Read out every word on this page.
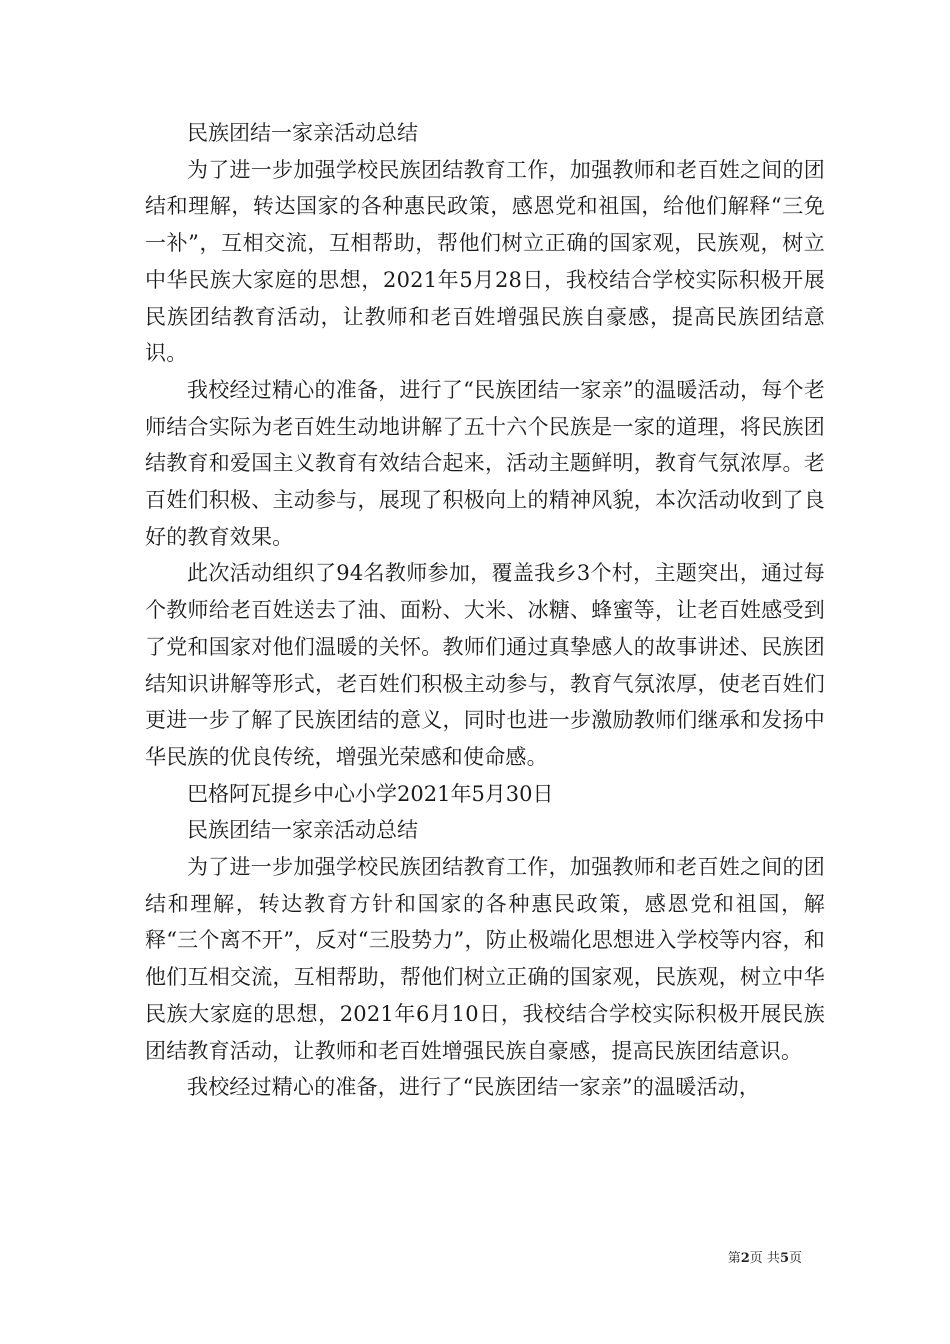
民族团结一家亲活动总结

为了进一步加强学校民族团结教育工作，加强教师和老百姓之间的团结和理解，转达国家的各种惠民政策，感恩党和祖国，给他们解释“三免一补”，互相交流，互相帮助，帮他们树立正确的国家观，民族观，树立中华民族大家庭的思想，2021年5月28日，我校结合学校实际积极开展民族团结教育活动，让教师和老百姓增强民族自豪感，提高民族团结意识。

我校经过精心的准备，进行了“民族团结一家亲”的温暖活动，每个老师结合实际为老百姓生动地讲解了五十六个民族是一家的道理，将民族团结教育和爱国主义教育有效结合起来，活动主题鲜明，教育气氛浓厚。老百姓们积极、主动参与，展现了积极向上的精神风貌，本次活动收到了良好的教育效果。

此次活动组织了94名教师参加，覆盖我乡3个村，主题突出，通过每个教师给老百姓送去了油、面粉、大米、冰糖、蜂蜜等，让老百姓感受到了党和国家对他们温暖的关怀。教师们通过真挚感人的故事讲述、民族团结知识讲解等形式，老百姓们积极主动参与，教育气氛浓厚，使老百姓们更进一步了解了民族团结的意义，同时也进一步激励教师们继承和发扬中华民族的优良传统，增强光荣感和使命感。

巴格阿瓦提乡中心小学2021年5月30日

民族团结一家亲活动总结

为了进一步加强学校民族团结教育工作，加强教师和老百姓之间的团结和理解，转达教育方针和国家的各种惠民政策，感恩党和祖国，解释“三个离不开”，反对“三股势力”，防止极端化思想进入学校等内容，和他们互相交流，互相帮助，帮他们树立正确的国家观，民族观，树立中华民族大家庭的思想，2021年6月10日，我校结合学校实际积极开展民族团结教育活动，让教师和老百姓增强民族自豪感，提高民族团结意识。

我校经过精心的准备，进行了“民族团结一家亲”的温暖活动，

第2页 共5页
